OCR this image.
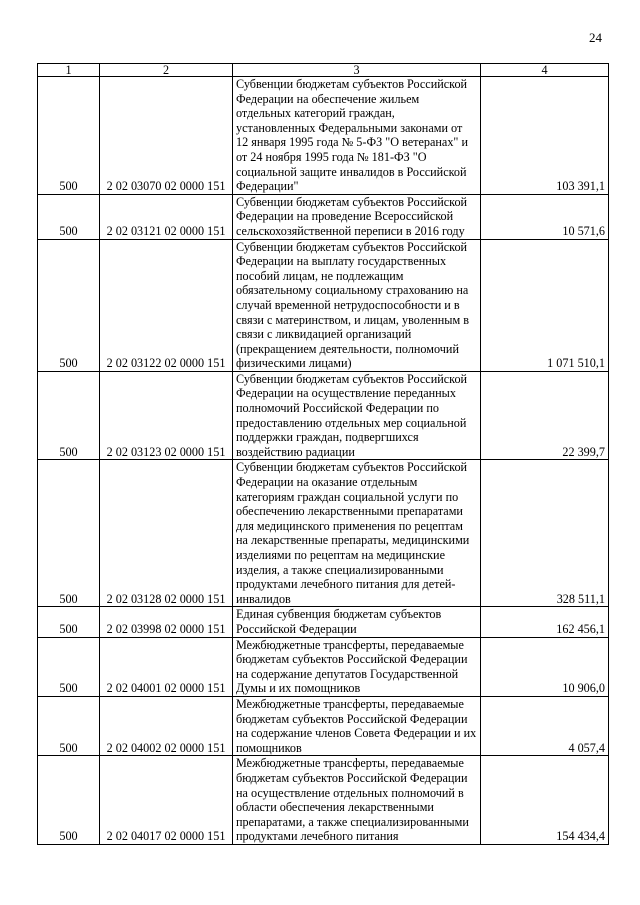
24
1	2	3	4
500	2 02 03070 02 0000 151	Субвенции бюджетам субъектов Российской Федерации на обеспечение жильем отдельных категорий граждан, установленных Федеральными законами от 12 января 1995 года № 5-ФЗ "О ветеранах" и от 24 ноября 1995 года № 181-ФЗ "О социальной защите инвалидов в Российской Федерации"	103 391,1
500	2 02 03121 02 0000 151	Субвенции бюджетам субъектов Российской Федерации на проведение Всероссийской сельскохозяйственной переписи в 2016 году	10 571,6
500	2 02 03122 02 0000 151	Субвенции бюджетам субъектов Российской Федерации на выплату государственных пособий лицам, не подлежащим обязательному социальному страхованию на случай временной нетрудоспособности и в связи с материнством, и лицам, уволенным в связи с ликвидацией организаций (прекращением деятельности, полномочий физическими лицами)	1 071 510,1
500	2 02 03123 02 0000 151	Субвенции бюджетам субъектов Российской Федерации на осуществление переданных полномочий Российской Федерации по предоставлению отдельных мер социальной поддержки граждан, подвергшихся воздействию радиации	22 399,7
500	2 02 03128 02 0000 151	Субвенции бюджетам субъектов Российской Федерации на оказание отдельным категориям граждан социальной услуги по обеспечению лекарственными препаратами для медицинского применения по рецептам на лекарственные препараты, медицинскими изделиями по рецептам на медицинские изделия, а также специализированными продуктами лечебного питания для детей-инвалидов	328 511,1
500	2 02 03998 02 0000 151	Единая субвенция бюджетам субъектов Российской Федерации	162 456,1
500	2 02 04001 02 0000 151	Межбюджетные трансферты, передаваемые бюджетам субъектов Российской Федерации на содержание депутатов Государственной Думы и их помощников	10 906,0
500	2 02 04002 02 0000 151	Межбюджетные трансферты, передаваемые бюджетам субъектов Российской Федерации на содержание членов Совета Федерации и их помощников	4 057,4
500	2 02 04017 02 0000 151	Межбюджетные трансферты, передаваемые бюджетам субъектов Российской Федерации на осуществление отдельных полномочий в области обеспечения лекарственными препаратами, а также специализированными продуктами лечебного питания	154 434,4
